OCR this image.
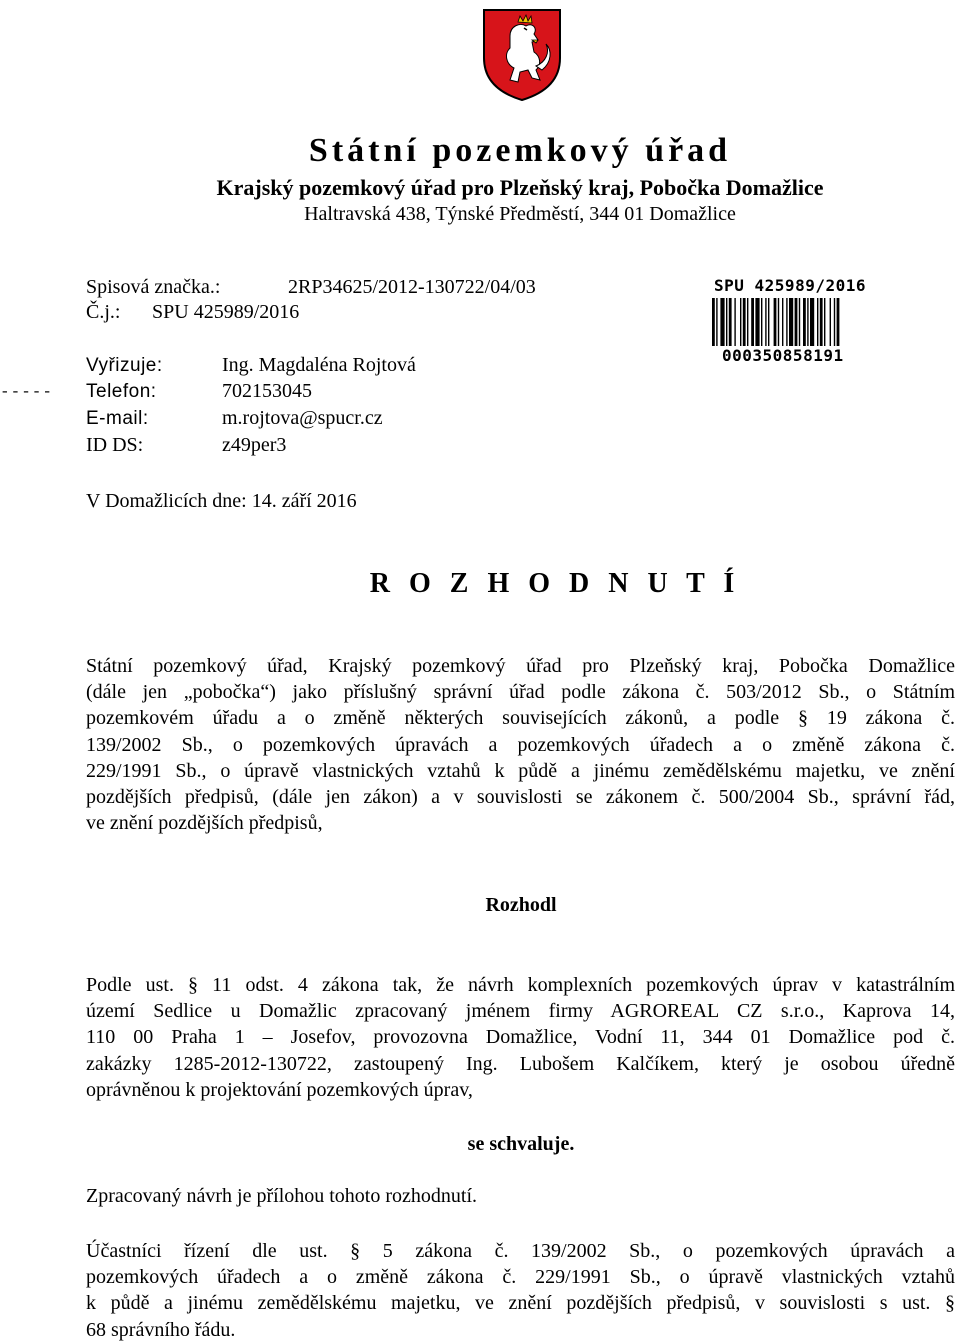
Státní pozemkový úřad
Krajský pozemkový úřad pro Plzeňský kraj, Pobočka Domažlice
Haltravská 438, Týnské Předměstí, 344 01 Domažlice
Spisová značka.:	2RP34625/2012-130722/04/03
Č.j.: SPU 425989/2016
Vyřizuje:	Ing. Magdaléna Rojtová
Telefon:	702153045
E-mail:	m.rojtova@spucr.cz
ID DS:	z49per3
-----
SPU 425989/2016
000350858191
V Domažlicích dne: 14. září 2016
R O Z H O D N U T Í
Státní pozemkový úřad, Krajský pozemkový úřad pro Plzeňský kraj, Pobočka Domažlice
(dále jen „pobočka“) jako příslušný správní úřad podle zákona č. 503/2012 Sb., o Státním
pozemkovém úřadu a o změně některých souvisejících zákonů, a podle § 19 zákona č.
139/2002 Sb., o pozemkových úpravách a pozemkových úřadech a o změně zákona č.
229/1991 Sb., o úpravě vlastnických vztahů k půdě a jinému zemědělskému majetku, ve znění
pozdějších předpisů, (dále jen zákon) a v souvislosti se zákonem č. 500/2004 Sb., správní řád,
ve znění pozdějších předpisů,
Rozhodl
Podle ust. § 11 odst. 4 zákona tak, že návrh komplexních pozemkových úprav v katastrálním
území Sedlice u Domažlic zpracovaný jménem firmy AGROREAL CZ s.r.o., Kaprova 14,
110 00 Praha 1 – Josefov, provozovna Domažlice, Vodní 11, 344 01 Domažlice pod č.
zakázky 1285-2012-130722, zastoupený Ing. Lubošem Kalčíkem, který je osobou úředně
oprávněnou k projektování pozemkových úprav,
se schvaluje.
Zpracovaný návrh je přílohou tohoto rozhodnutí.
Účastníci řízení dle ust. § 5 zákona č. 139/2002 Sb., o pozemkových úpravách a
pozemkových úřadech a o změně zákona č. 229/1991 Sb., o úpravě vlastnických vztahů
k půdě a jinému zemědělskému majetku, ve znění pozdějších předpisů, v souvislosti s ust. §
68 správního řádu.
